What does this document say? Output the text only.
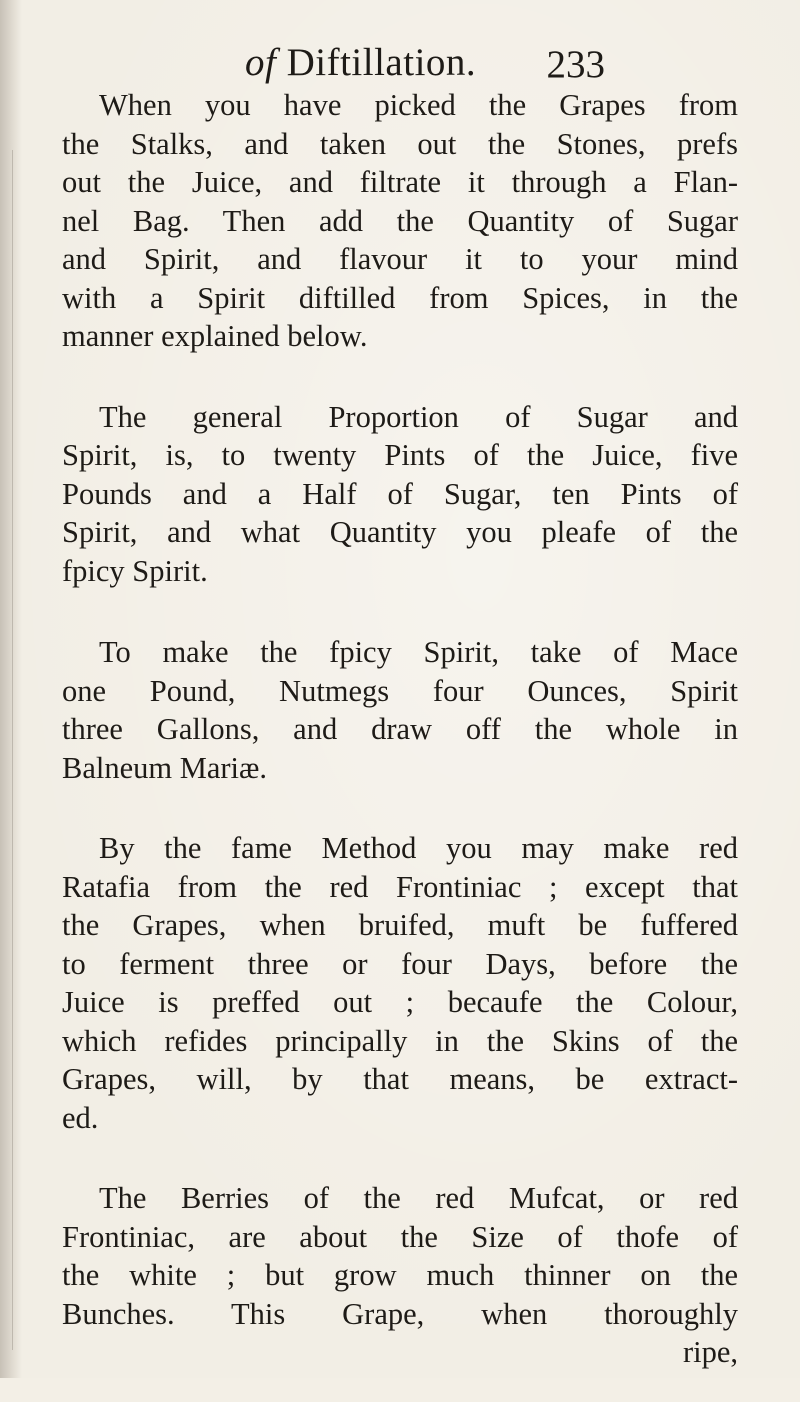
of Diftillation. 233
When you have picked the Grapes from
the Stalks, and taken out the Stones, prefs
out the Juice, and filtrate it through a Flan-
nel Bag. Then add the Quantity of Sugar
and Spirit, and flavour it to your mind
with a Spirit diftilled from Spices, in the
manner explained below.
The general Proportion of Sugar and
Spirit, is, to twenty Pints of the Juice, five
Pounds and a Half of Sugar, ten Pints of
Spirit, and what Quantity you pleafe of the
fpicy Spirit.
To make the fpicy Spirit, take of Mace
one Pound, Nutmegs four Ounces, Spirit
three Gallons, and draw off the whole in
Balneum Mariæ.
By the fame Method you may make red
Ratafia from the red Frontiniac ; except that
the Grapes, when bruifed, muft be fuffered
to ferment three or four Days, before the
Juice is preffed out ; becaufe the Colour,
which refides principally in the Skins of the
Grapes, will, by that means, be extract-
ed.
The Berries of the red Mufcat, or red
Frontiniac, are about the Size of thofe of
the white ; but grow much thinner on the
Bunches. This Grape, when thoroughly
ripe,
